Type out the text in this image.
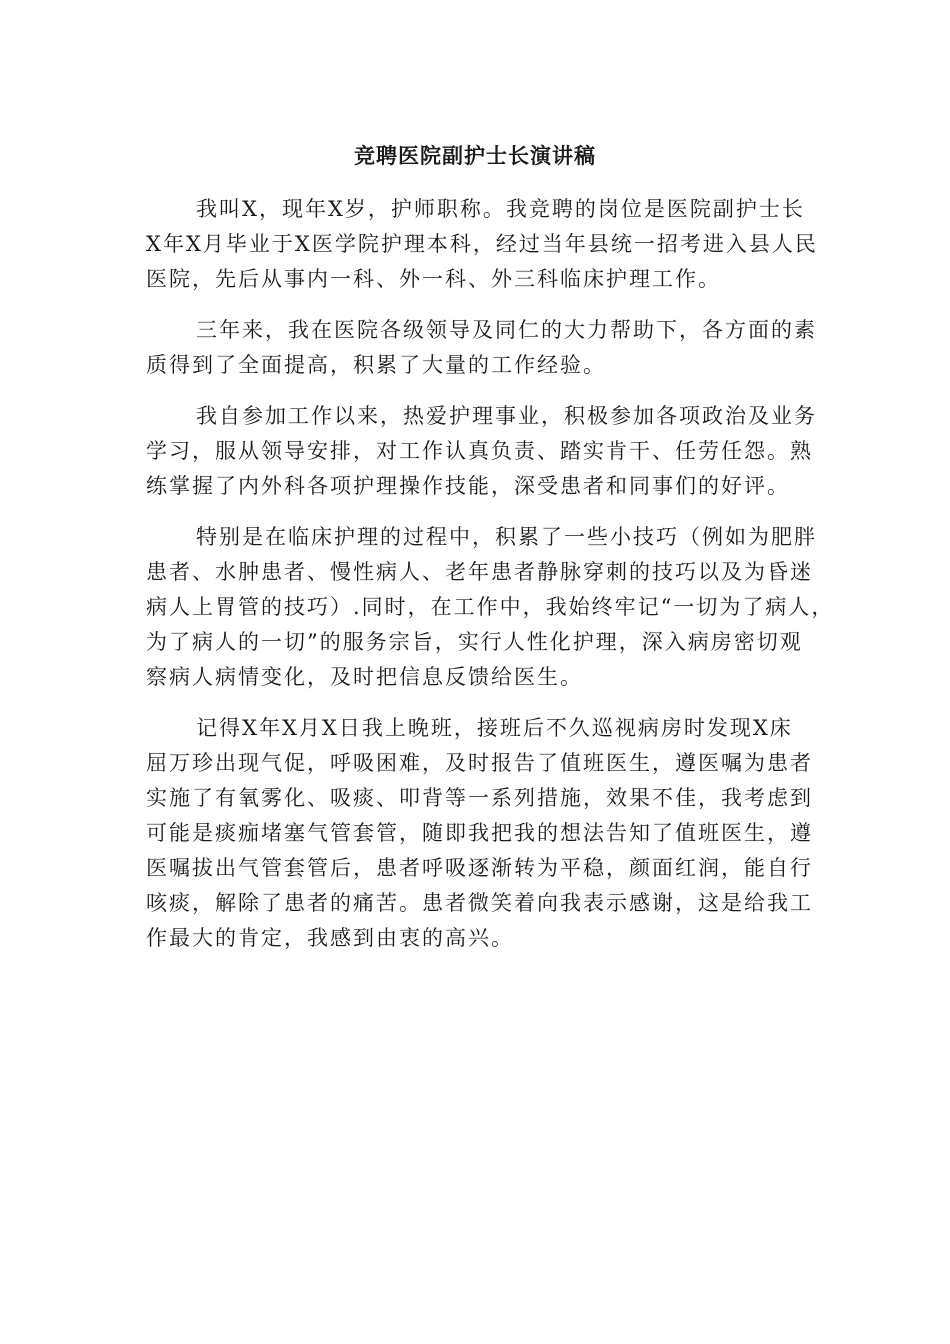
竞聘医院副护士长演讲稿
我叫X，现年X岁，护师职称。我竞聘的岗位是医院副护士长
X年X月毕业于X医学院护理本科，经过当年县统一招考进入县人民
医院，先后从事内一科、外一科、外三科临床护理工作。
三年来，我在医院各级领导及同仁的大力帮助下，各方面的素
质得到了全面提高，积累了大量的工作经验。
我自参加工作以来，热爱护理事业，积极参加各项政治及业务
学习，服从领导安排，对工作认真负责、踏实肯干、任劳任怨。熟
练掌握了内外科各项护理操作技能，深受患者和同事们的好评。
特别是在临床护理的过程中，积累了一些小技巧（例如为肥胖
患者、水肿患者、慢性病人、老年患者静脉穿刺的技巧以及为昏迷
病人上胃管的技巧）.同时，在工作中，我始终牢记“一切为了病人，
为了病人的一切”的服务宗旨，实行人性化护理，深入病房密切观
察病人病情变化，及时把信息反馈给医生。
记得X年X月X日我上晚班，接班后不久巡视病房时发现X床
屈万珍出现气促，呼吸困难，及时报告了值班医生，遵医嘱为患者
实施了有氧雾化、吸痰、叩背等一系列措施，效果不佳，我考虑到
可能是痰痂堵塞气管套管，随即我把我的想法告知了值班医生，遵
医嘱拔出气管套管后，患者呼吸逐渐转为平稳，颜面红润，能自行
咳痰，解除了患者的痛苦。患者微笑着向我表示感谢，这是给我工
作最大的肯定，我感到由衷的高兴。
